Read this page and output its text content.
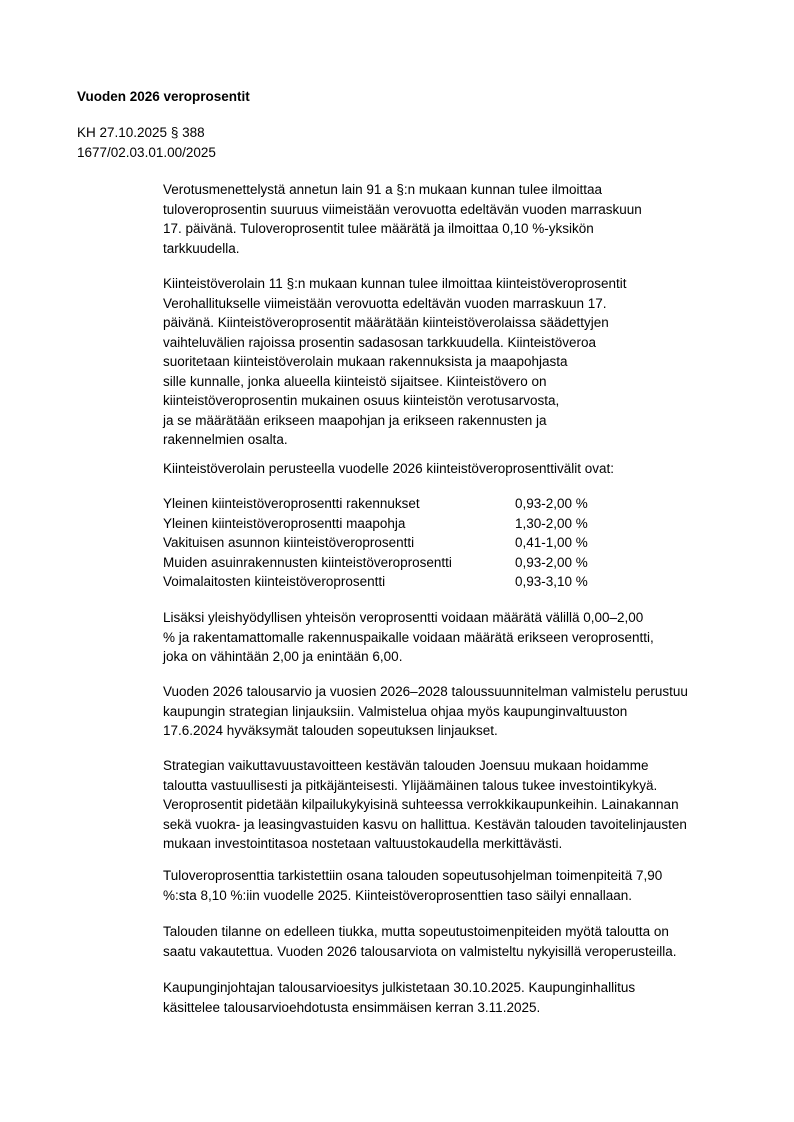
Vuoden 2026 veroprosentit
KH 27.10.2025 § 388
1677/02.03.01.00/2025
Verotusmenettelystä annetun lain 91 a §:n mukaan kunnan tulee ilmoittaa
tuloveroprosentin suuruus viimeistään verovuotta edeltävän vuoden marraskuun
17. päivänä. Tuloveroprosentit tulee määrätä ja ilmoittaa 0,10 %-yksikön
tarkkuudella.
Kiinteistöverolain 11 §:n mukaan kunnan tulee ilmoittaa kiinteistöveroprosentit
Verohallitukselle viimeistään verovuotta edeltävän vuoden marraskuun 17.
päivänä. Kiinteistöveroprosentit määrätään kiinteistöverolaissa säädettyjen
vaihteluvälien rajoissa prosentin sadasosan tarkkuudella. Kiinteistöveroa
suoritetaan kiinteistöverolain mukaan rakennuksista ja maapohjasta
sille kunnalle, jonka alueella kiinteistö sijaitsee. Kiinteistövero on
kiinteistöveroprosentin mukainen osuus kiinteistön verotusarvosta,
ja se määrätään erikseen maapohjan ja erikseen rakennusten ja
rakennelmien osalta.
Kiinteistöverolain perusteella vuodelle 2026 kiinteistöveroprosenttivälit ovat:
Yleinen kiinteistöveroprosentti rakennukset	0,93-2,00 %
Yleinen kiinteistöveroprosentti maapohja	1,30-2,00 %
Vakituisen asunnon kiinteistöveroprosentti	0,41-1,00 %
Muiden asuinrakennusten kiinteistöveroprosentti	0,93-2,00 %
Voimalaitosten kiinteistöveroprosentti	0,93-3,10 %
Lisäksi yleishyödyllisen yhteisön veroprosentti voidaan määrätä välillä 0,00–2,00
% ja rakentamattomalle rakennuspaikalle voidaan määrätä erikseen veroprosentti,
joka on vähintään 2,00 ja enintään 6,00.
Vuoden 2026 talousarvio ja vuosien 2026–2028 taloussuunnitelman valmistelu perustuu
kaupungin strategian linjauksiin. Valmistelua ohjaa myös kaupunginvaltuuston
17.6.2024 hyväksymät talouden sopeutuksen linjaukset.
Strategian vaikuttavuustavoitteen kestävän talouden Joensuu mukaan hoidamme
taloutta vastuullisesti ja pitkäjänteisesti. Ylijäämäinen talous tukee investointikykyä.
Veroprosentit pidetään kilpailukykyisinä suhteessa verrokkikaupunkeihin. Lainakannan
sekä vuokra- ja leasingvastuiden kasvu on hallittua. Kestävän talouden tavoitelinjausten
mukaan investointitasoa nostetaan valtuustokaudella merkittävästi.
Tuloveroprosenttia tarkistettiin osana talouden sopeutusohjelman toimenpiteitä 7,90
%:sta 8,10 %:iin vuodelle 2025. Kiinteistöveroprosenttien taso säilyi ennallaan.
Talouden tilanne on edelleen tiukka, mutta sopeutustoimenpiteiden myötä taloutta on
saatu vakautettua. Vuoden 2026 talousarviota on valmisteltu nykyisillä veroperusteilla.
Kaupunginjohtajan talousarvioesitys julkistetaan 30.10.2025. Kaupunginhallitus
käsittelee talousarvioehdotusta ensimmäisen kerran 3.11.2025.
